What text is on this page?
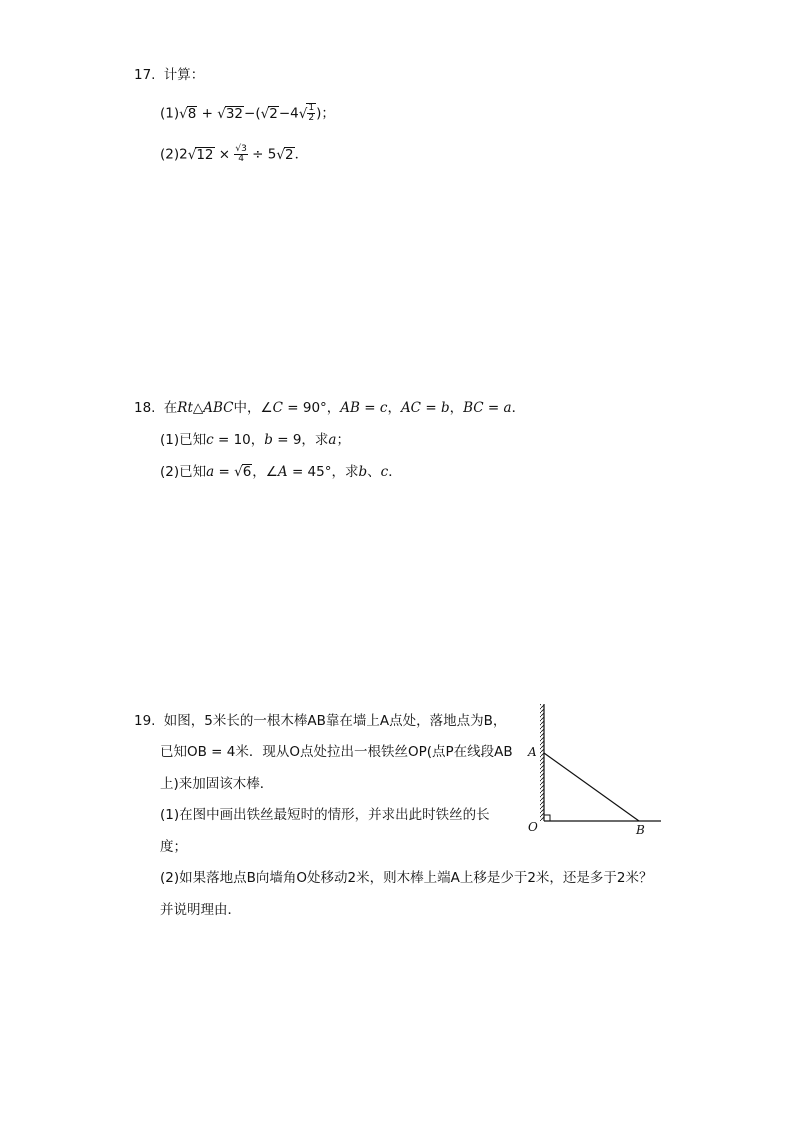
17. 计算：
$(1)√8 + √32-(√2-4√ \frac{1}{2}$ )；
$(2)2√12 \times \frac{√3}{4} \div 5√2$．
18. 在Rt△ABC中，∠C = 90°，AB = c，AC = b，BC = a．
(1)已知c = 10，b = 9，求a；
(2)已知a = √6，∠A = 45°，求b、c．
19. 如图，5米长的一根木棒AB靠在墙上A点处，落地点为B，
已知OB = 4米．现从O点处拉出一根铁丝OP(点P在线段AB
上)来加固该木棒．
(1)在图中画出铁丝最短时的情形，并求出此时铁丝的长
度；
(2)如果落地点B向墙角O处移动2米，则木棒上端A上移是少于2米，还是多于2米？
并说明理由．
A
O	B
